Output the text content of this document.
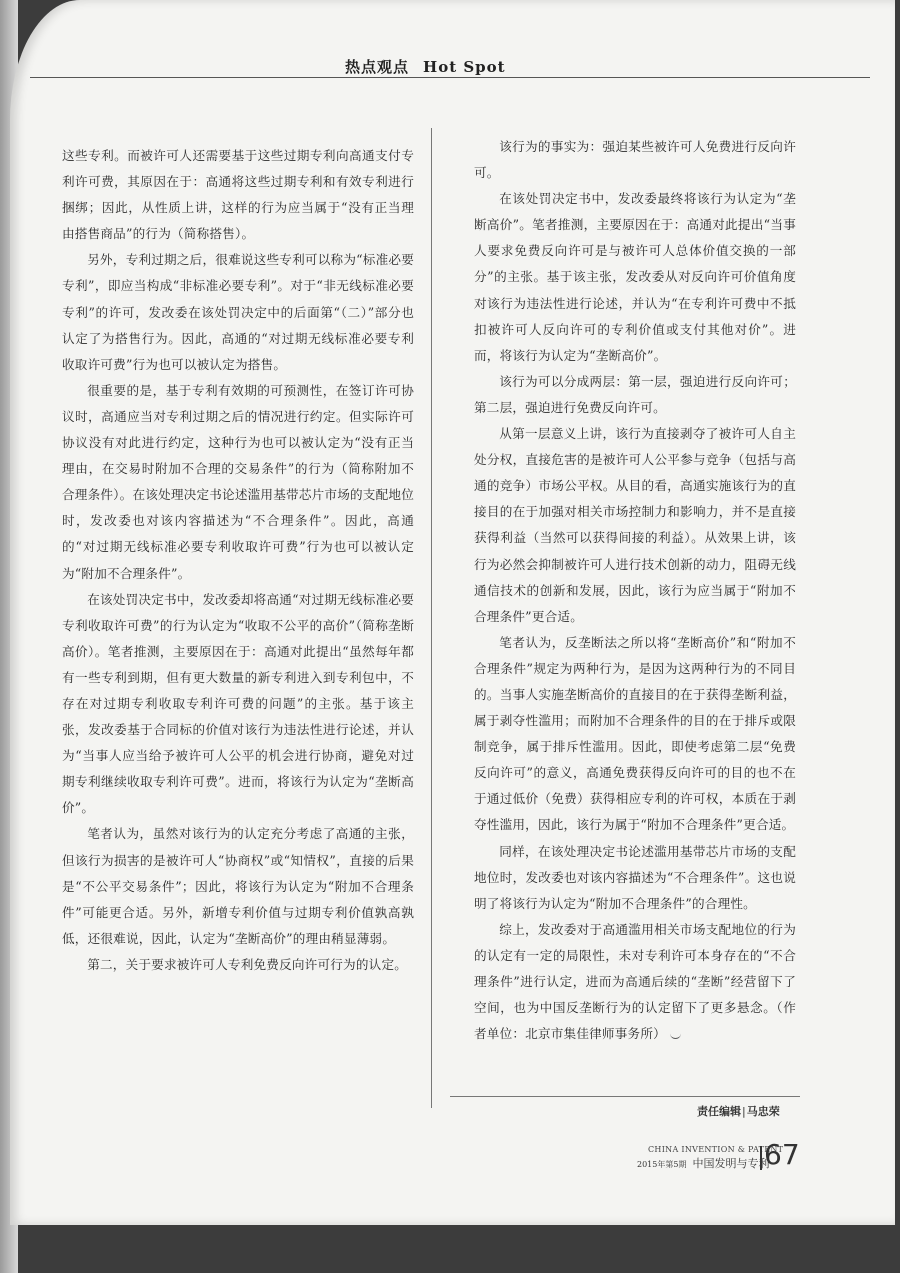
热点观点 Hot Spot

这些专利。而被许可人还需要基于这些过期专利向高通支付专利许可费，其原因在于：高通将这些过期专利和有效专利进行捆绑；因此，从性质上讲，这样的行为应当属于“没有正当理由搭售商品”的行为（简称搭售）。

另外，专利过期之后，很难说这些专利可以称为“标准必要专利”，即应当构成“非标准必要专利”。对于“非无线标准必要专利”的许可，发改委在该处罚决定中的后面第“（二）”部分也认定了为搭售行为。因此，高通的“对过期无线标准必要专利收取许可费”行为也可以被认定为搭售。

很重要的是，基于专利有效期的可预测性，在签订许可协议时，高通应当对专利过期之后的情况进行约定。但实际许可协议没有对此进行约定，这种行为也可以被认定为“没有正当理由，在交易时附加不合理的交易条件”的行为（简称附加不合理条件）。在该处理决定书论述滥用基带芯片市场的支配地位时，发改委也对该内容描述为“不合理条件”。因此，高通的“对过期无线标准必要专利收取许可费”行为也可以被认定为“附加不合理条件”。

在该处罚决定书中，发改委却将高通“对过期无线标准必要专利收取许可费”的行为认定为“收取不公平的高价”（简称垄断高价）。笔者推测，主要原因在于：高通对此提出“虽然每年都有一些专利到期，但有更大数量的新专利进入到专利包中，不存在对过期专利收取专利许可费的问题”的主张。基于该主张，发改委基于合同标的价值对该行为违法性进行论述，并认为“当事人应当给予被许可人公平的机会进行协商，避免对过期专利继续收取专利许可费”。进而，将该行为认定为“垄断高价”。

笔者认为，虽然对该行为的认定充分考虑了高通的主张，但该行为损害的是被许可人“协商权”或“知情权”，直接的后果是“不公平交易条件”；因此，将该行为认定为“附加不合理条件”可能更合适。另外，新增专利价值与过期专利价值孰高孰低，还很难说，因此，认定为“垄断高价”的理由稍显薄弱。

第二，关于要求被许可人专利免费反向许可行为的认定。

该行为的事实为：强迫某些被许可人免费进行反向许可。

在该处罚决定书中，发改委最终将该行为认定为“垄断高价”。笔者推测，主要原因在于：高通对此提出“当事人要求免费反向许可是与被许可人总体价值交换的一部分”的主张。基于该主张，发改委从对反向许可价值角度对该行为违法性进行论述，并认为“在专利许可费中不抵扣被许可人反向许可的专利价值或支付其他对价”。进而，将该行为认定为“垄断高价”。

该行为可以分成两层：第一层，强迫进行反向许可；第二层，强迫进行免费反向许可。

从第一层意义上讲，该行为直接剥夺了被许可人自主处分权，直接危害的是被许可人公平参与竞争（包括与高通的竞争）市场公平权。从目的看，高通实施该行为的直接目的在于加强对相关市场控制力和影响力，并不是直接获得利益（当然可以获得间接的利益）。从效果上讲，该行为必然会抑制被许可人进行技术创新的动力，阻碍无线通信技术的创新和发展，因此，该行为应当属于“附加不合理条件”更合适。

笔者认为，反垄断法之所以将“垄断高价”和“附加不合理条件”规定为两种行为，是因为这两种行为的不同目的。当事人实施垄断高价的直接目的在于获得垄断利益，属于剥夺性滥用；而附加不合理条件的目的在于排斥或限制竞争，属于排斥性滥用。因此，即使考虑第二层“免费反向许可”的意义，高通免费获得反向许可的目的也不在于通过低价（免费）获得相应专利的许可权，本质在于剥夺性滥用，因此，该行为属于“附加不合理条件”更合适。

同样，在该处理决定书论述滥用基带芯片市场的支配地位时，发改委也对该内容描述为“不合理条件”。这也说明了将该行为认定为“附加不合理条件”的合理性。

综上，发改委对于高通滥用相关市场支配地位的行为的认定有一定的局限性，未对专利许可本身存在的“不合理条件”进行认定，进而为高通后续的“垄断”经营留下了空间，也为中国反垄断行为的认定留下了更多悬念。（作者单位：北京市集佳律师事务所）

责任编辑|马忠荣
CHINA INVENTION & PATENT
2015年第5期 中国发明与专利
67
